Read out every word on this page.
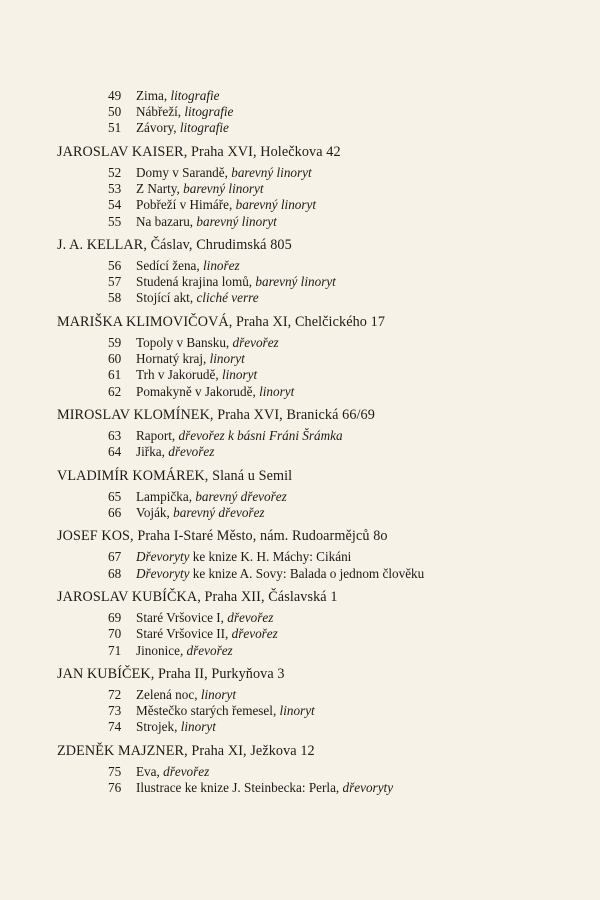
49 Zima, litografie
50 Nábřeží, litografie
51 Závory, litografie
JAROSLAV KAISER, Praha XVI, Holečkova 42
52 Domy v Sarandě, barevný linoryt
53 Z Narty, barevný linoryt
54 Pobřeží v Himáře, barevný linoryt
55 Na bazaru, barevný linoryt
J. A. KELLAR, Čáslav, Chrudimská 805
56 Sedící žena, linořez
57 Studená krajina lomů, barevný linoryt
58 Stojící akt, cliché verre
MARIŠKA KLIMOVIČOVÁ, Praha XI, Chelčického 17
59 Topoly v Bansku, dřevořez
60 Hornatý kraj, linoryt
61 Trh v Jakorudě, linoryt
62 Pomakyně v Jakorudě, linoryt
MIROSLAV KLOMÍNEK, Praha XVI, Branická 66/69
63 Raport, dřevořez k básni Fráni Šrámka
64 Jiřka, dřevořez
VLADIMÍR KOMÁREK, Slaná u Semil
65 Lampička, barevný dřevořez
66 Voják, barevný dřevořez
JOSEF KOS, Praha I-Staré Město, nám. Rudoarmějců 8o
67 Dřevoryty ke knize K. H. Máchy: Cikáni
68 Dřevoryty ke knize A. Sovy: Balada o jednom člověku
JAROSLAV KUBÍČKA, Praha XII, Čáslavská 1
69 Staré Vršovice I, dřevořez
70 Staré Vršovice II, dřevořez
71 Jinonice, dřevořez
JAN KUBÍČEK, Praha II, Purkyňova 3
72 Zelená noc, linoryt
73 Městečko starých řemesel, linoryt
74 Strojek, linoryt
ZDENĚK MAJZNER, Praha XI, Ježkova 12
75 Eva, dřevořez
76 Ilustrace ke knize J. Steinbecka: Perla, dřevoryty
